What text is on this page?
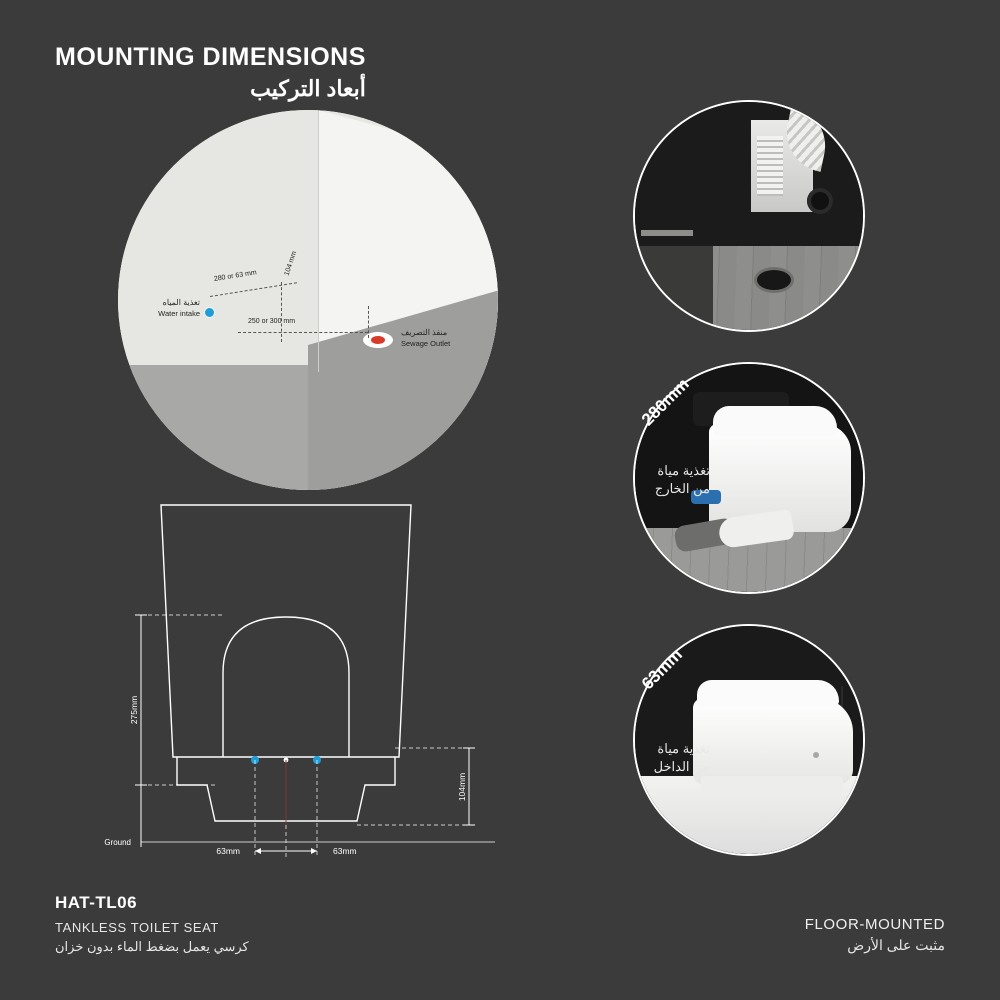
MOUNTING DIMENSIONS
أبعاد التركيب
تغذية المياه
Water intake
منفذ التصريف
Sewage Outlet
280 or 63 mm	104 mm
250 or 300 mm
275mm
Ground
104mm
63mm	63mm
280mm
تغذية مياة
من الخارج
63mm
تغذية مياة
من الداخل
HAT-TL06
TANKLESS TOILET SEAT
كرسي يعمل بضغط الماء بدون خزان
FLOOR-MOUNTED
مثبت على الأرض
